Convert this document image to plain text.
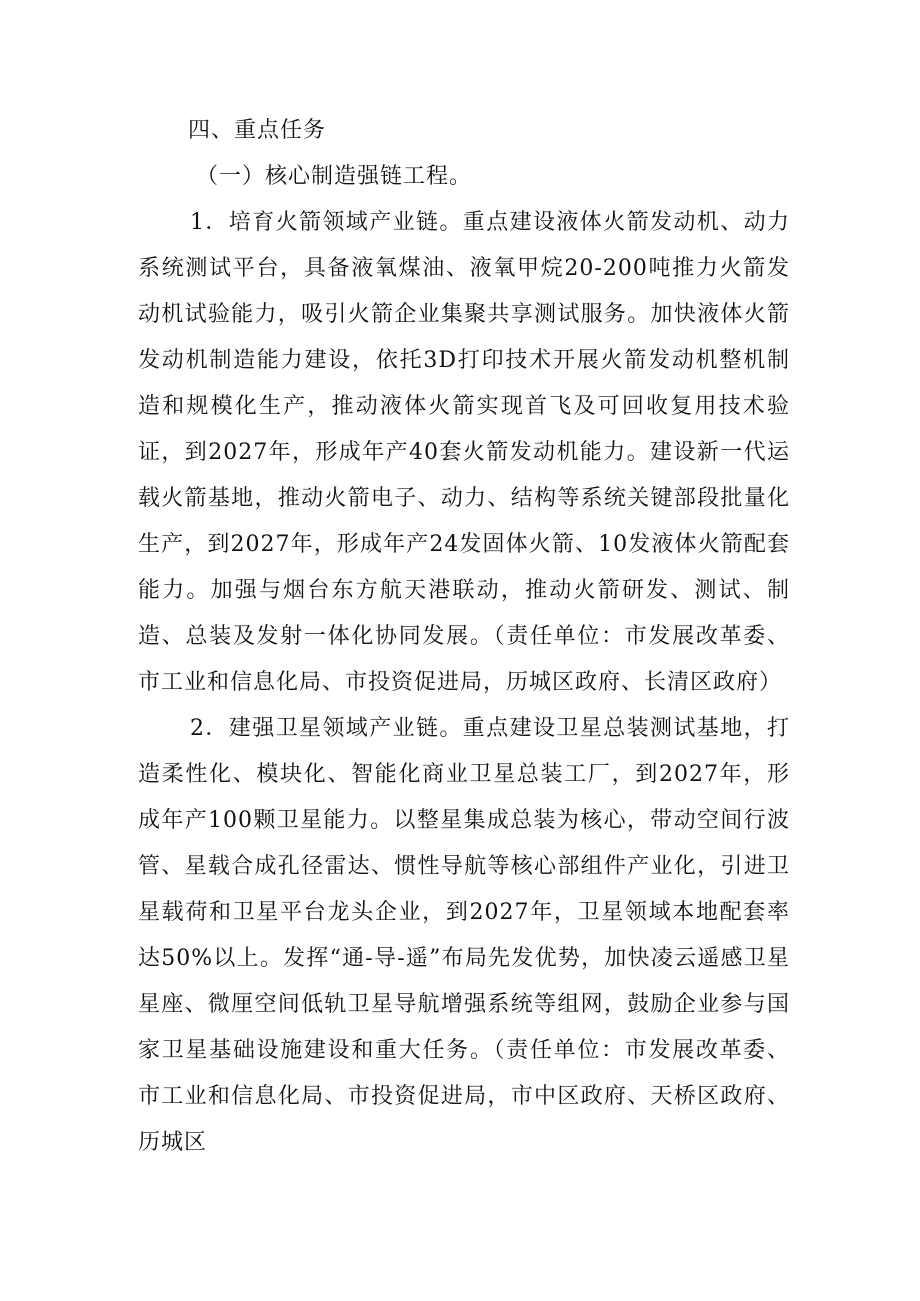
四、重点任务
（一）核心制造强链工程。

1．培育火箭领域产业链。重点建设液体火箭发动机、动力系统测试平台，具备液氧煤油、液氧甲烷20-200吨推力火箭发动机试验能力，吸引火箭企业集聚共享测试服务。加快液体火箭发动机制造能力建设，依托3D打印技术开展火箭发动机整机制造和规模化生产，推动液体火箭实现首飞及可回收复用技术验证，到2027年，形成年产40套火箭发动机能力。建设新一代运载火箭基地，推动火箭电子、动力、结构等系统关键部段批量化生产，到2027年，形成年产24发固体火箭、10发液体火箭配套能力。加强与烟台东方航天港联动，推动火箭研发、测试、制造、总装及发射一体化协同发展。（责任单位：市发展改革委、市工业和信息化局、市投资促进局，历城区政府、长清区政府）

2．建强卫星领域产业链。重点建设卫星总装测试基地，打造柔性化、模块化、智能化商业卫星总装工厂，到2027年，形成年产100颗卫星能力。以整星集成总装为核心，带动空间行波管、星载合成孔径雷达、惯性导航等核心部组件产业化，引进卫星载荷和卫星平台龙头企业，到2027年，卫星领域本地配套率达50%以上。发挥“通-导-遥”布局先发优势，加快凌云遥感卫星星座、微厘空间低轨卫星导航增强系统等组网，鼓励企业参与国家卫星基础设施建设和重大任务。（责任单位：市发展改革委、市工业和信息化局、市投资促进局，市中区政府、天桥区政府、历城区
